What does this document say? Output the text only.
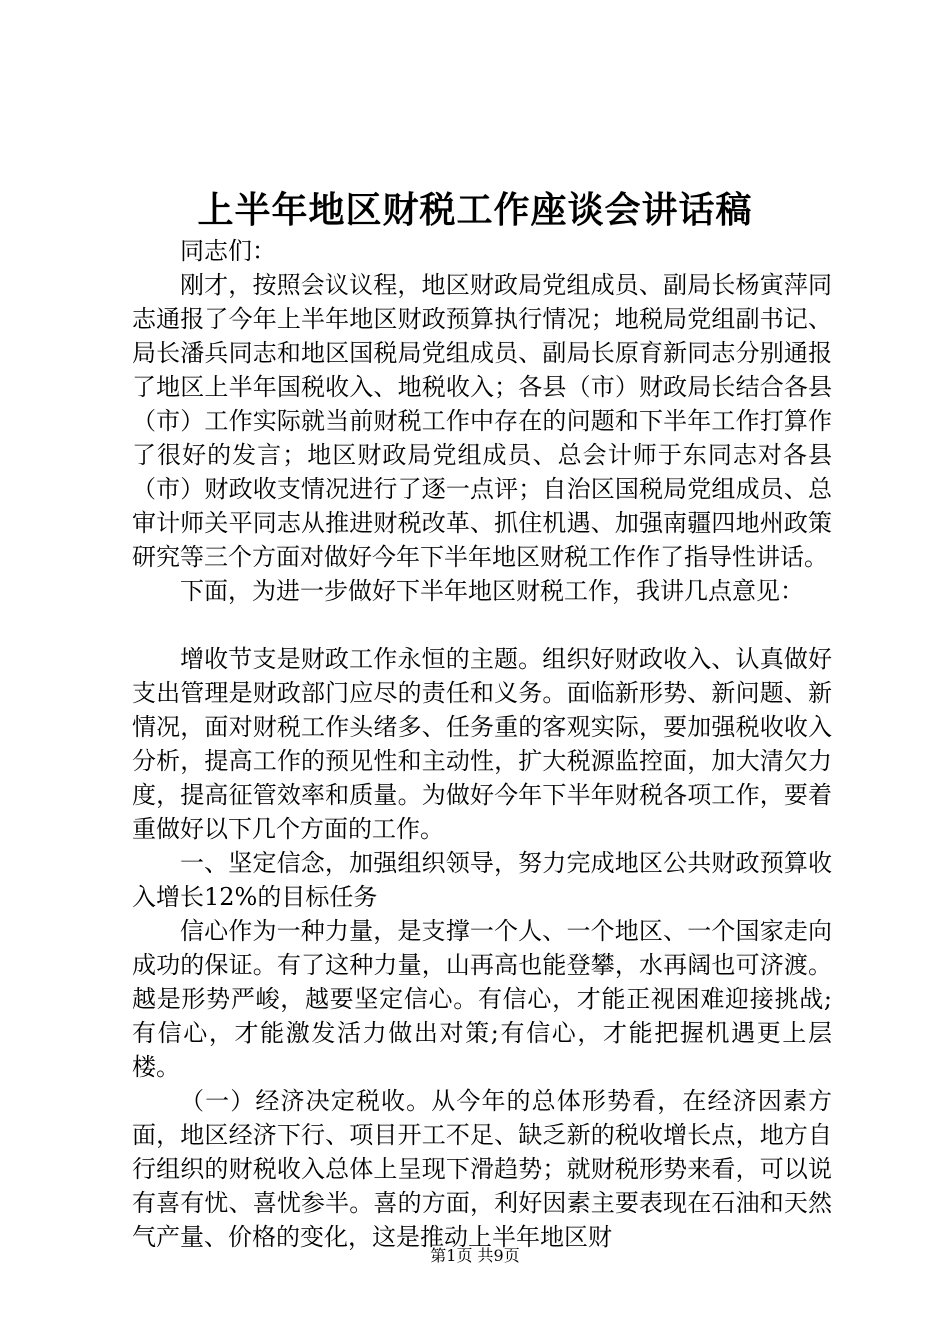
上半年地区财税工作座谈会讲话稿

同志们：

刚才，按照会议议程，地区财政局党组成员、副局长杨寅萍同志通报了今年上半年地区财政预算执行情况；地税局党组副书记、局长潘兵同志和地区国税局党组成员、副局长原育新同志分别通报了地区上半年国税收入、地税收入；各县（市）财政局长结合各县（市）工作实际就当前财税工作中存在的问题和下半年工作打算作了很好的发言；地区财政局党组成员、总会计师于东同志对各县（市）财政收支情况进行了逐一点评；自治区国税局党组成员、总审计师关平同志从推进财税改革、抓住机遇、加强南疆四地州政策研究等三个方面对做好今年下半年地区财税工作作了指导性讲话。

下面，为进一步做好下半年地区财税工作，我讲几点意见：

增收节支是财政工作永恒的主题。组织好财政收入、认真做好支出管理是财政部门应尽的责任和义务。面临新形势、新问题、新情况，面对财税工作头绪多、任务重的客观实际，要加强税收收入分析，提高工作的预见性和主动性，扩大税源监控面，加大清欠力度，提高征管效率和质量。为做好今年下半年财税各项工作，要着重做好以下几个方面的工作。

一、坚定信念，加强组织领导，努力完成地区公共财政预算收入增长12%的目标任务

信心作为一种力量，是支撑一个人、一个地区、一个国家走向成功的保证。有了这种力量，山再高也能登攀，水再阔也可济渡。越是形势严峻，越要坚定信心。有信心，才能正视困难迎接挑战;有信心，才能激发活力做出对策;有信心，才能把握机遇更上层楼。

（一）经济决定税收。从今年的总体形势看，在经济因素方面，地区经济下行、项目开工不足、缺乏新的税收增长点，地方自行组织的财税收入总体上呈现下滑趋势；就财税形势来看，可以说有喜有忧、喜忧参半。喜的方面，利好因素主要表现在石油和天然气产量、价格的变化，这是推动上半年地区财

第1页 共9页
